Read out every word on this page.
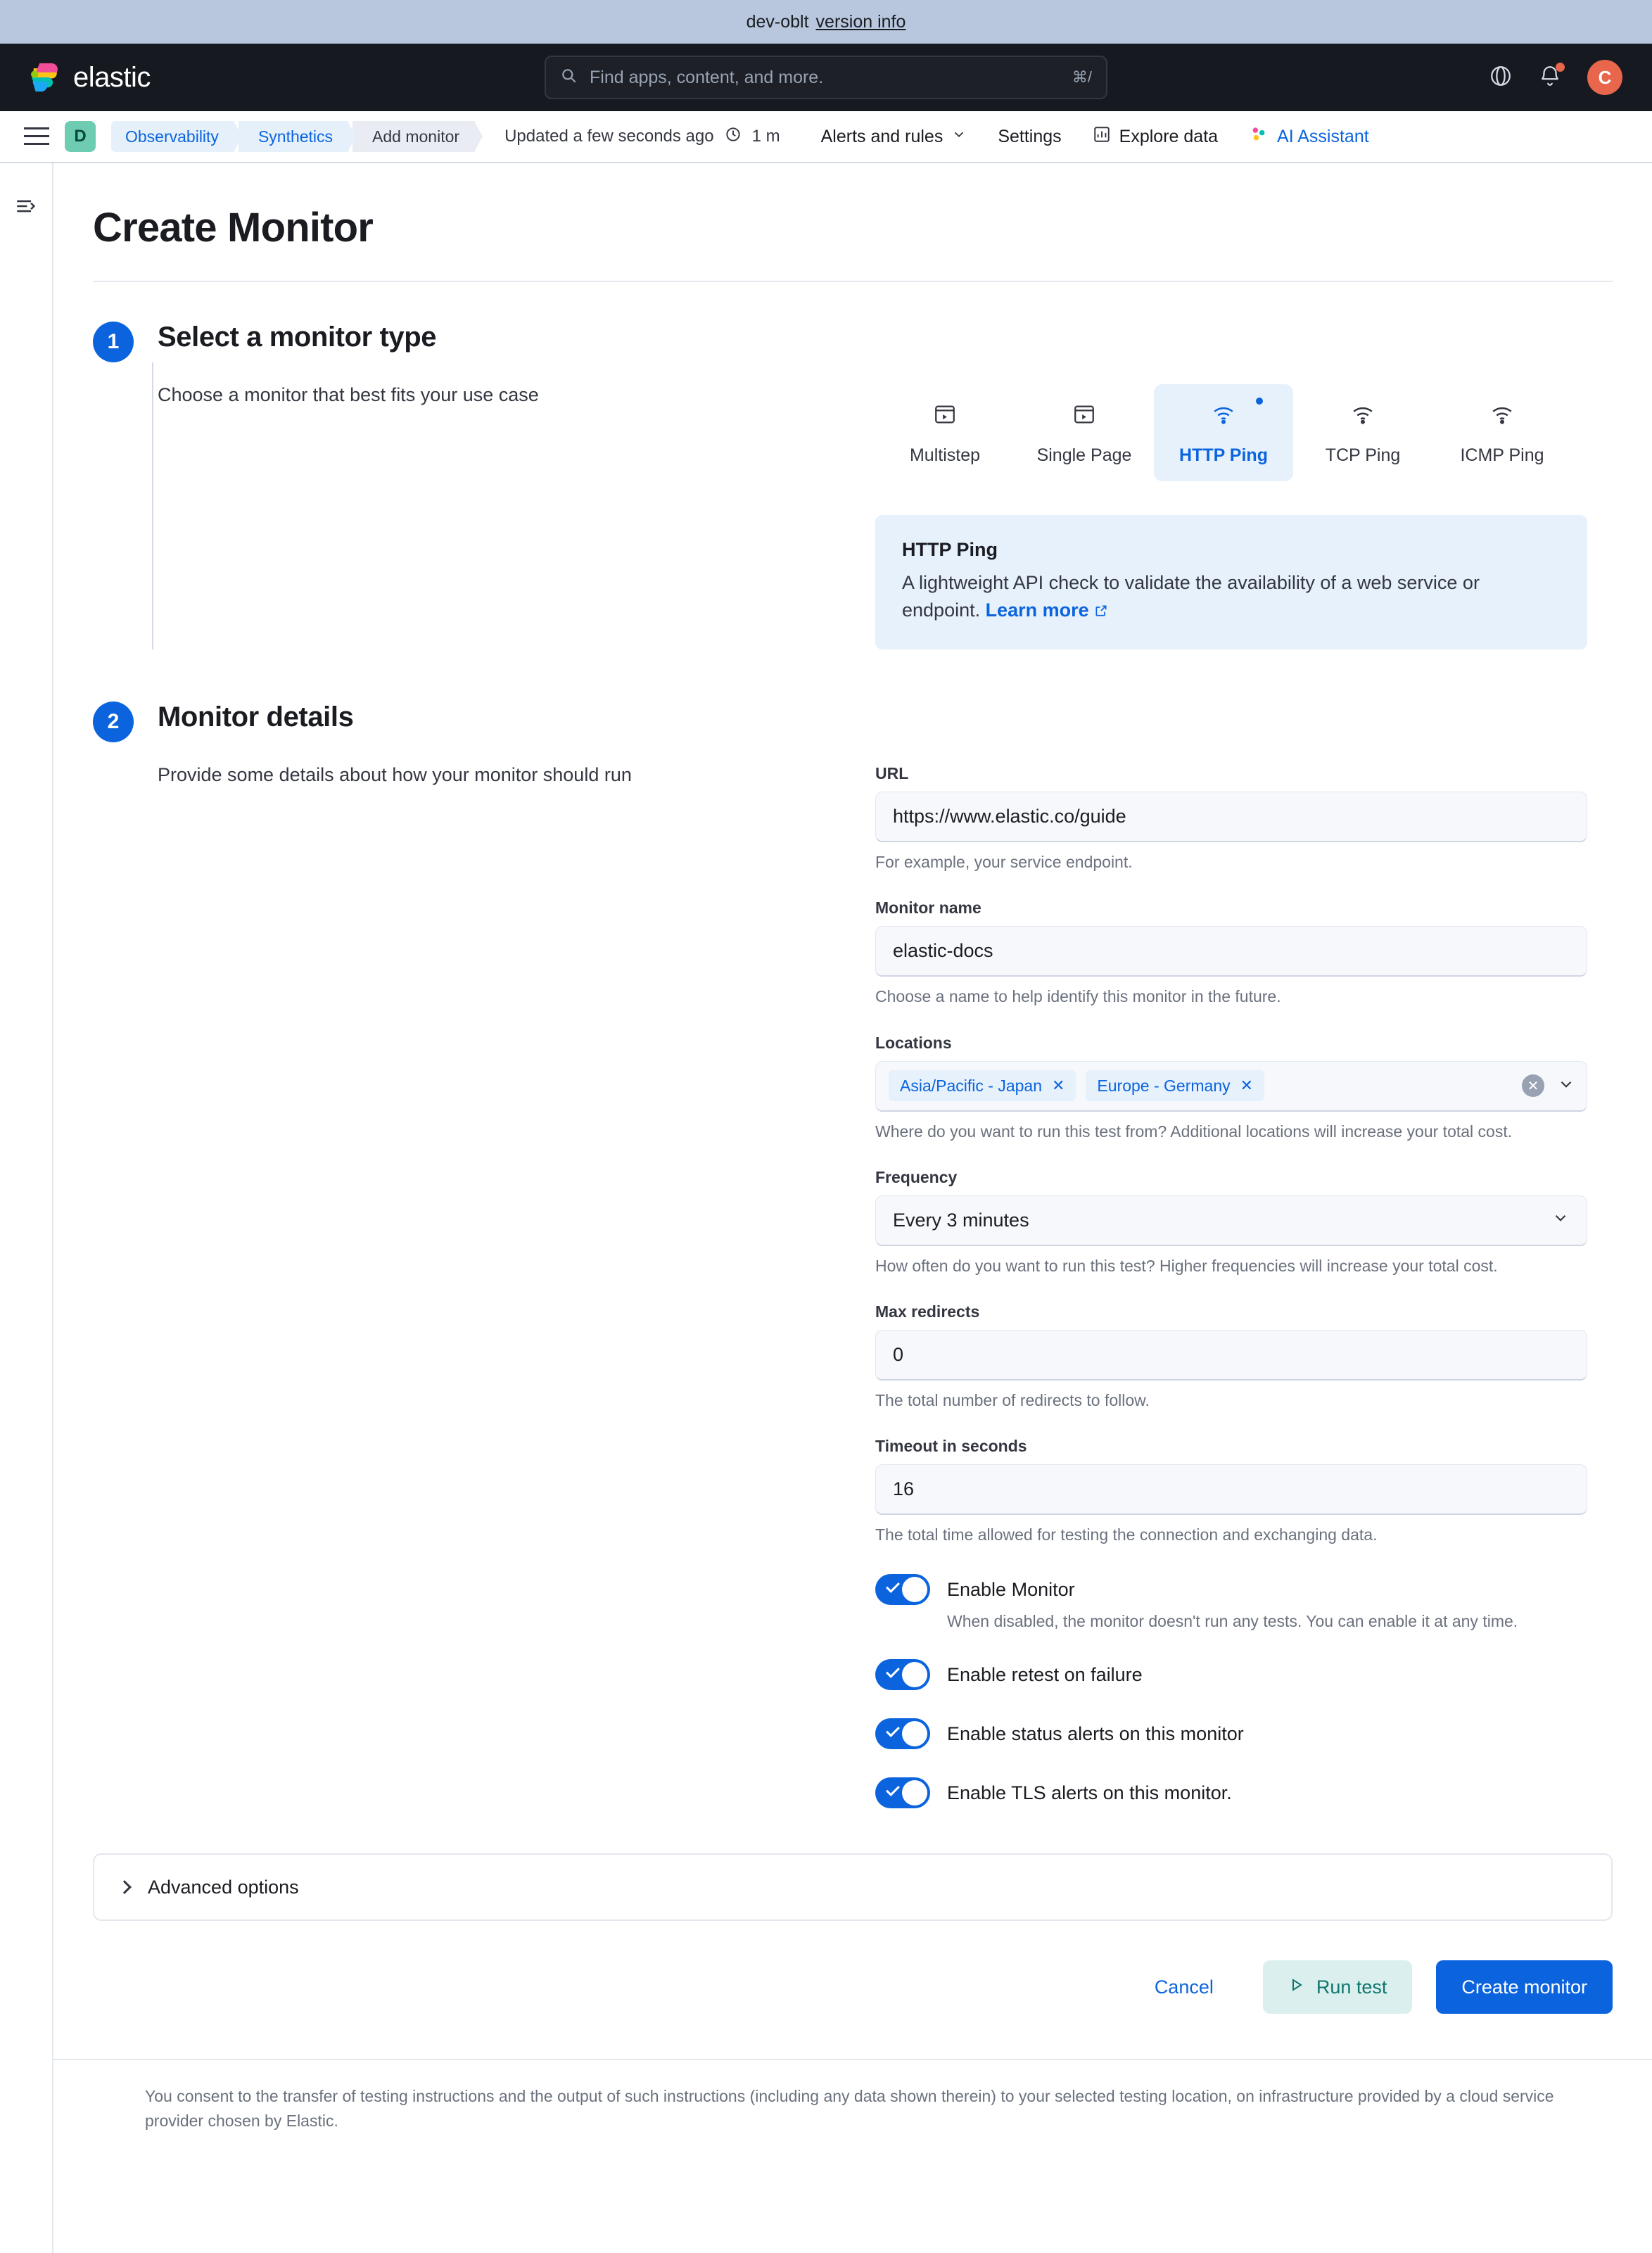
dev-oblt version info
elastic	Find apps, content, and more.	⌘/	C
D	Observability	Synthetics	Add monitor	Updated a few seconds ago 1 m Alerts and rules	Settings	Explore data	AI Assistant
Create Monitor
1	Select a monitor type
Choose a monitor that best fits your use case
Multistep	Single Page	HTTP Ping	TCP Ping	ICMP Ping
HTTP Ping
A lightweight API check to validate the availability of a web service or endpoint. Learn more
2	Monitor details
Provide some details about how your monitor should run	URL
https://www.elastic.co/guide
For example, your service endpoint.
Monitor name
elastic-docs
Choose a name to help identify this monitor in the future.
Locations
Asia/Pacific - Japan ✕ Europe - Germany ✕	✕
Where do you want to run this test from? Additional locations will increase your total cost.
Frequency
Every 3 minutes
How often do you want to run this test? Higher frequencies will increase your total cost.
Max redirects
0
The total number of redirects to follow.
Timeout in seconds
16
The total time allowed for testing the connection and exchanging data.
Enable Monitor
When disabled, the monitor doesn't run any tests. You can enable it at any time.
Enable retest on failure
Enable status alerts on this monitor
Enable TLS alerts on this monitor.
Advanced options
Cancel	Run test	Create monitor
You consent to the transfer of testing instructions and the output of such instructions (including any data shown therein) to your selected testing location, on infrastructure provided by a cloud service provider chosen by Elastic.
